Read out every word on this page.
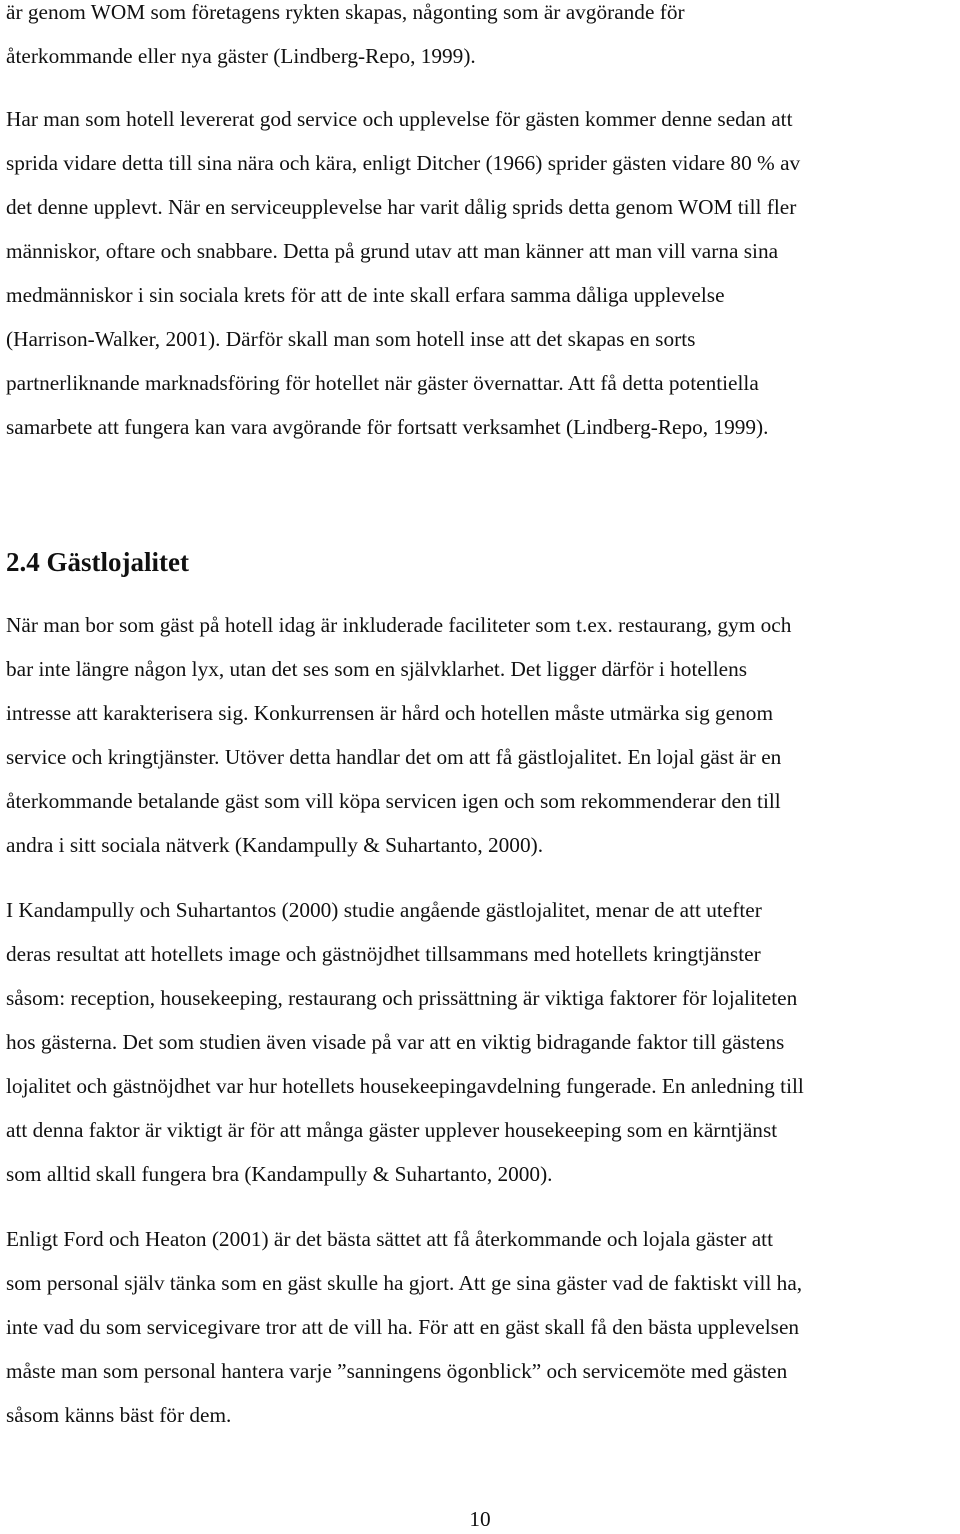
är genom WOM som företagens rykten skapas, någonting som är avgörande för
återkommande eller nya gäster (Lindberg-Repo, 1999).

Har man som hotell levererat god service och upplevelse för gästen kommer denne sedan att
sprida vidare detta till sina nära och kära, enligt Ditcher (1966) sprider gästen vidare 80 % av
det denne upplevt. När en serviceupplevelse har varit dålig sprids detta genom WOM till fler
människor, oftare och snabbare. Detta på grund utav att man känner att man vill varna sina
medmänniskor i sin sociala krets för att de inte skall erfara samma dåliga upplevelse
(Harrison-Walker, 2001). Därför skall man som hotell inse att det skapas en sorts
partnerliknande marknadsföring för hotellet när gäster övernattar. Att få detta potentiella
samarbete att fungera kan vara avgörande för fortsatt verksamhet (Lindberg-Repo, 1999).

2.4 Gästlojalitet

När man bor som gäst på hotell idag är inkluderade faciliteter som t.ex. restaurang, gym och
bar inte längre någon lyx, utan det ses som en självklarhet. Det ligger därför i hotellens
intresse att karakterisera sig. Konkurrensen är hård och hotellen måste utmärka sig genom
service och kringtjänster. Utöver detta handlar det om att få gästlojalitet. En lojal gäst är en
återkommande betalande gäst som vill köpa servicen igen och som rekommenderar den till
andra i sitt sociala nätverk (Kandampully & Suhartanto, 2000).

I Kandampully och Suhartantos (2000) studie angående gästlojalitet, menar de att utefter
deras resultat att hotellets image och gästnöjdhet tillsammans med hotellets kringtjänster
såsom: reception, housekeeping, restaurang och prissättning är viktiga faktorer för lojaliteten
hos gästerna. Det som studien även visade på var att en viktig bidragande faktor till gästens
lojalitet och gästnöjdhet var hur hotellets housekeepingavdelning fungerade. En anledning till
att denna faktor är viktigt är för att många gäster upplever housekeeping som en kärntjänst
som alltid skall fungera bra (Kandampully & Suhartanto, 2000).

Enligt Ford och Heaton (2001) är det bästa sättet att få återkommande och lojala gäster att
som personal själv tänka som en gäst skulle ha gjort. Att ge sina gäster vad de faktiskt vill ha,
inte vad du som servicegivare tror att de vill ha. För att en gäst skall få den bästa upplevelsen
måste man som personal hantera varje ”sanningens ögonblick” och servicemöte med gästen
såsom känns bäst för dem.

10
